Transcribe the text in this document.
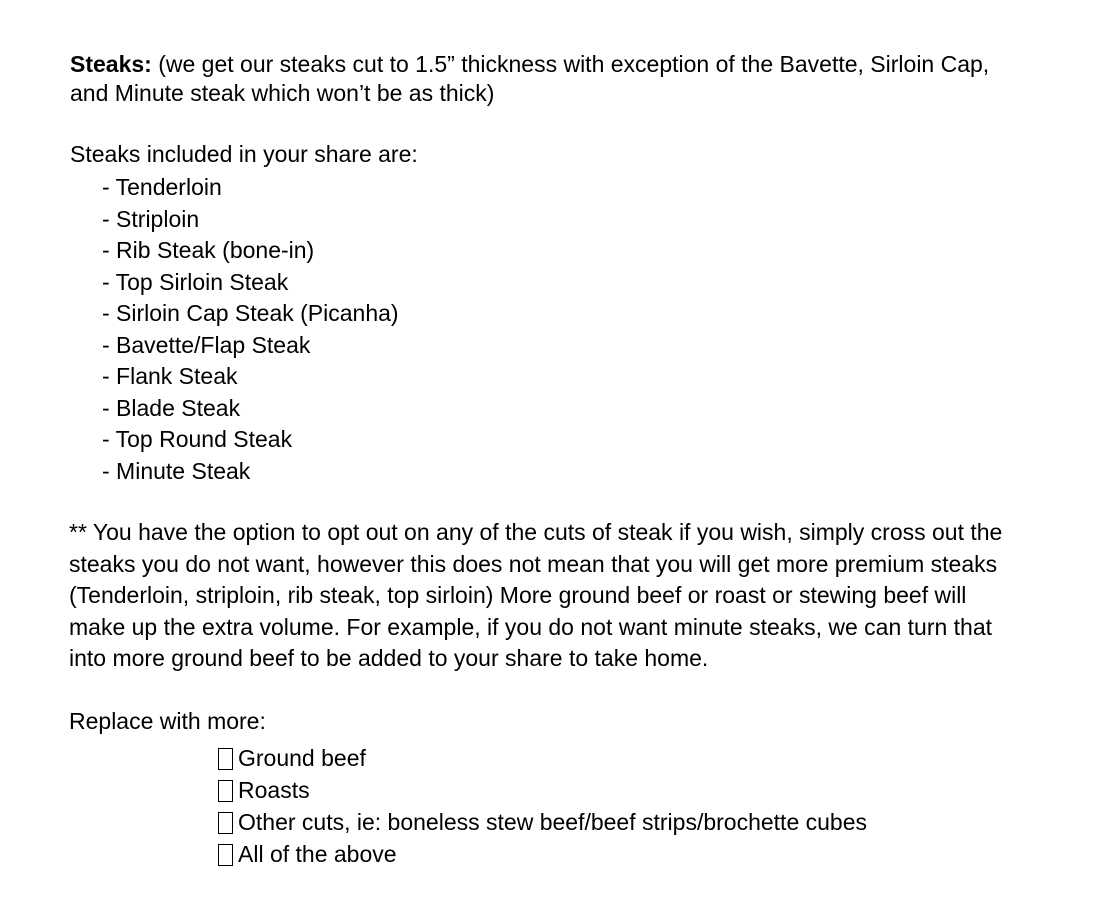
Steaks: (we get our steaks cut to 1.5” thickness with exception of the Bavette, Sirloin Cap, and Minute steak which won’t be as thick)
Steaks included in your share are:
- Tenderloin
- Striploin
- Rib Steak (bone-in)
- Top Sirloin Steak
- Sirloin Cap Steak (Picanha)
- Bavette/Flap Steak
- Flank Steak
- Blade Steak
- Top Round Steak
- Minute Steak
** You have the option to opt out on any of the cuts of steak if you wish, simply cross out the steaks you do not want, however this does not mean that you will get more premium steaks (Tenderloin, striploin, rib steak, top sirloin) More ground beef or roast or stewing beef will make up the extra volume. For example, if you do not want minute steaks, we can turn that into more ground beef to be added to your share to take home.
Replace with more:
Ground beef
Roasts
Other cuts, ie: boneless stew beef/beef strips/brochette cubes
All of the above
